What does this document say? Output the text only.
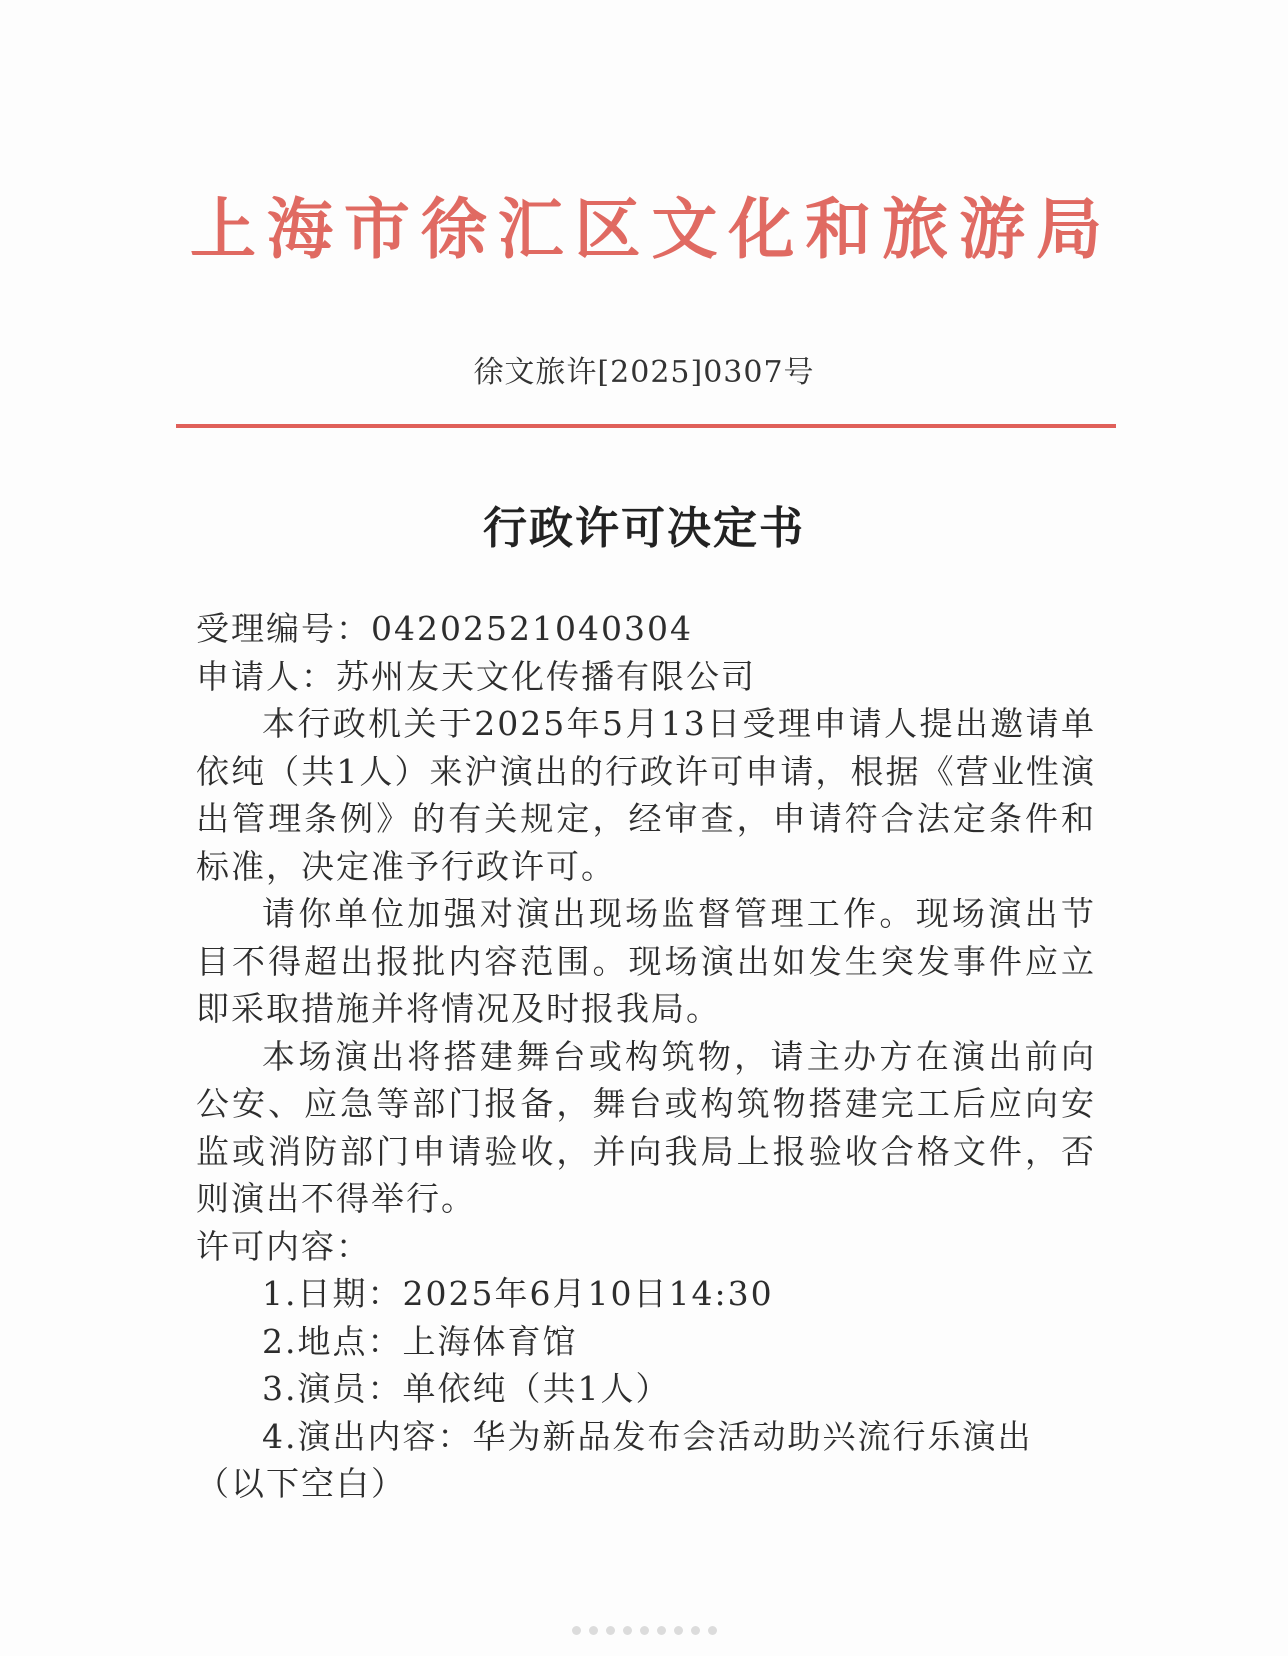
上海市徐汇区文化和旅游局
徐文旅许[2025]0307号
行政许可决定书
受理编号：04202521040304
申请人：苏州友天文化传播有限公司
本行政机关于2025年5月13日受理申请人提出邀请单依纯（共1人）来沪演出的行政许可申请，根据《营业性演出管理条例》的有关规定，经审查，申请符合法定条件和标准，决定准予行政许可。
请你单位加强对演出现场监督管理工作。现场演出节目不得超出报批内容范围。现场演出如发生突发事件应立即采取措施并将情况及时报我局。
本场演出将搭建舞台或构筑物，请主办方在演出前向公安、应急等部门报备，舞台或构筑物搭建完工后应向安监或消防部门申请验收，并向我局上报验收合格文件，否则演出不得举行。
许可内容：
1.日期：2025年6月10日14:30
2.地点：上海体育馆
3.演员：单依纯（共1人）
4.演出内容：华为新品发布会活动助兴流行乐演出
（以下空白）
